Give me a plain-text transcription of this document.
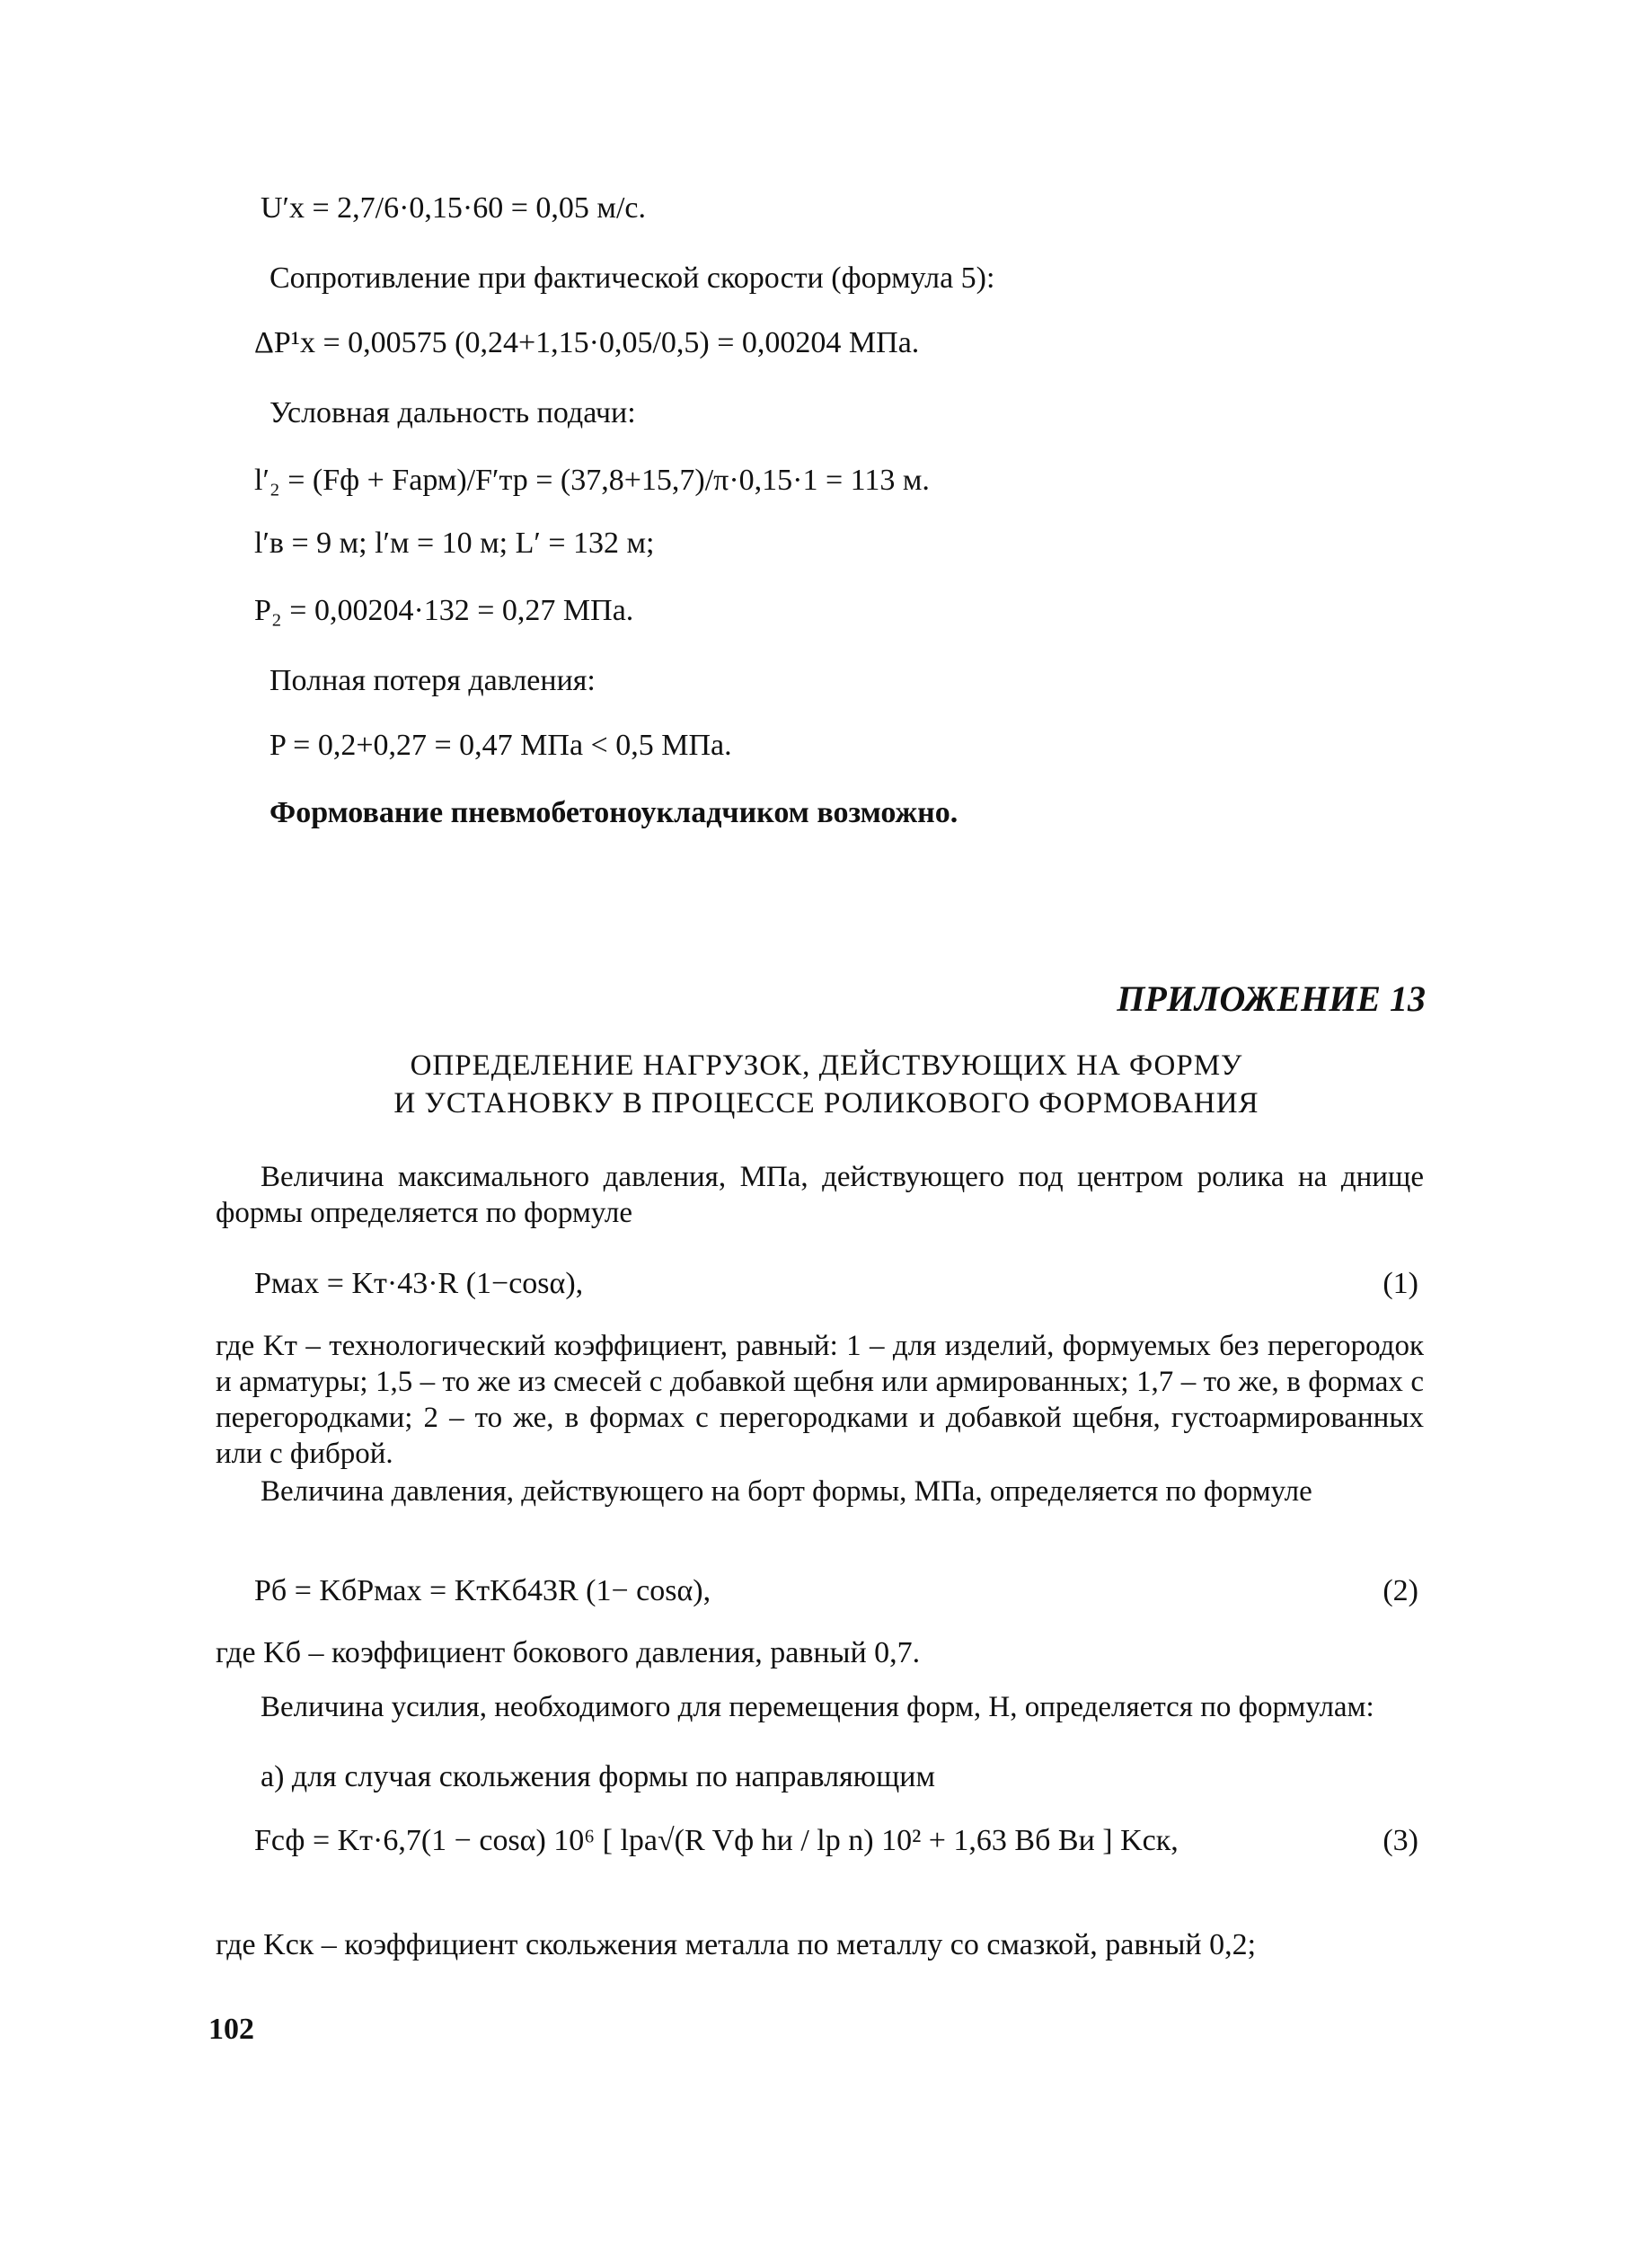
U′x = 2,7/6·0,15·60 = 0,05 м/с.
Сопротивление при фактической скорости (формула 5):
ΔP¹x = 0,00575 (0,24+1,15·0,05/0,5) = 0,00204 МПа.
Условная дальность подачи:
l′₂ = (Fф + Fарм)/F′тр = (37,8+15,7)/π·0,15·1 = 113 м.
l′в = 9 м; l′м = 10 м; L′ = 132 м;
P₂ = 0,00204·132 = 0,27 МПа.
Полная потеря давления:
P = 0,2+0,27 = 0,47 МПа < 0,5 МПа.
Формование пневмобетоноукладчиком возможно.
ПРИЛОЖЕНИЕ 13
ОПРЕДЕЛЕНИЕ НАГРУЗОК, ДЕЙСТВУЮЩИХ НА ФОРМУ
И УСТАНОВКУ В ПРОЦЕССЕ РОЛИКОВОГО ФОРМОВАНИЯ
Величина максимального давления, МПа, действующего под центром ролика на днище формы определяется по формуле
Pмах = Kт·43·R (1−cosα),	(1)
где Kт – технологический коэффициент, равный: 1 – для изделий, формуемых без перегородок и арматуры; 1,5 – то же из смесей с добавкой щебня или армированных; 1,7 – то же, в формах с перегородками; 2 – то же, в формах с перегородками и добавкой щебня, густоармированных или с фиброй.
Величина давления, действующего на борт формы, МПа, определяется по формуле
Pб = KбPмах = KтKб43R (1− cosα),	(2)
где Kб – коэффициент бокового давления, равный 0,7.
Величина усилия, необходимого для перемещения форм, Н, определяется по формулам:
а) для случая скольжения формы по направляющим
Fсф = Kт·6,7(1 − cosα) 10⁶ [ lрa√(R Vф hи / lр n) 10² + 1,63 Bб Bи ] Kск,	(3)
где Kск – коэффициент скольжения металла по металлу со смазкой, равный 0,2;
102
